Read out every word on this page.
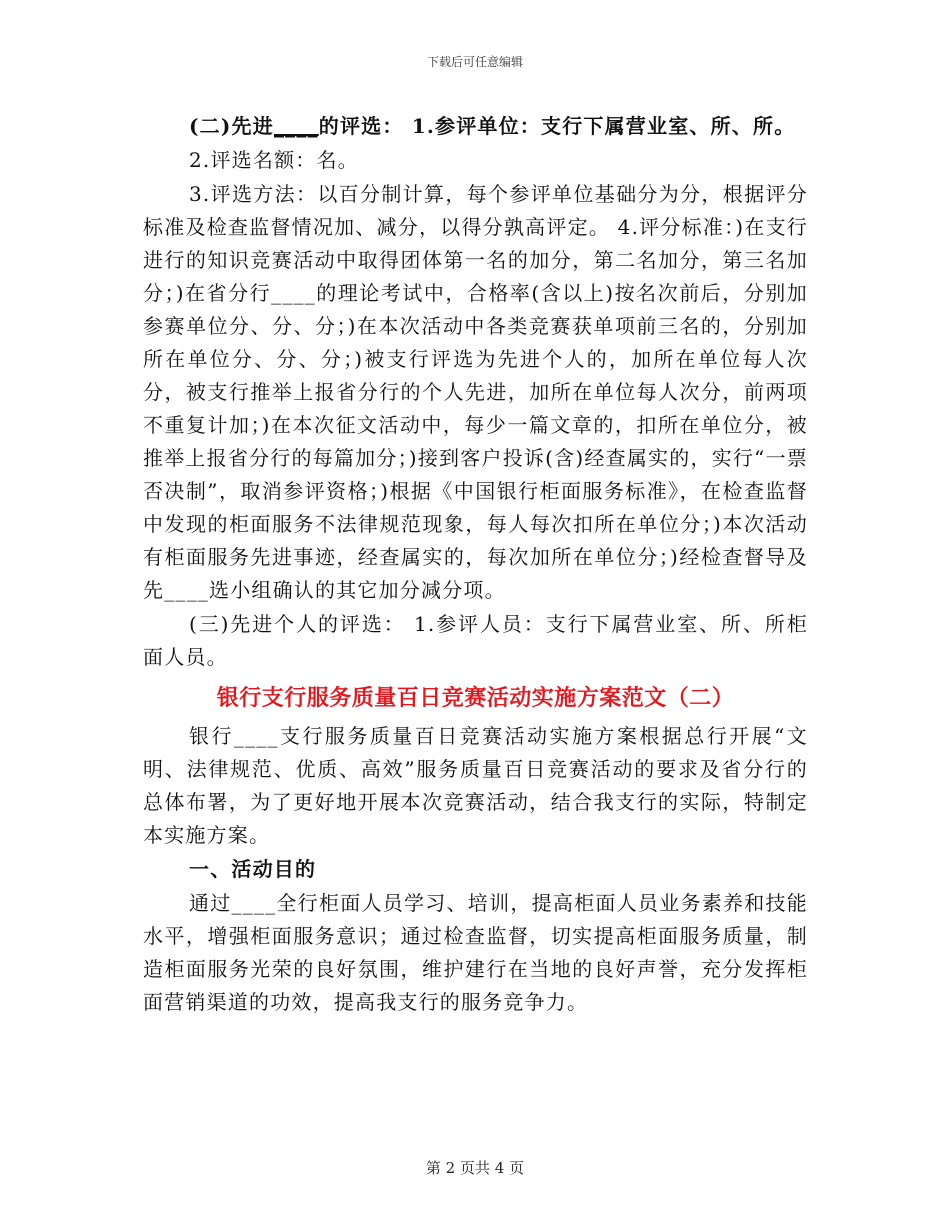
下载后可任意编辑

(二)先进____的评选： 1.参评单位：支行下属营业室、所、所。

2.评选名额：名。

3.评选方法：以百分制计算，每个参评单位基础分为分，根据评分标准及检查监督情况加、减分，以得分孰高评定。 4.评分标准：)在支行进行的知识竞赛活动中取得团体第一名的加分，第二名加分，第三名加分；)在省分行____的理论考试中，合格率(含以上)按名次前后，分别加参赛单位分、分、分；)在本次活动中各类竞赛获单项前三名的，分别加所在单位分、分、分；)被支行评选为先进个人的，加所在单位每人次分，被支行推举上报省分行的个人先进，加所在单位每人次分，前两项不重复计加；)在本次征文活动中，每少一篇文章的，扣所在单位分，被推举上报省分行的每篇加分；)接到客户投诉(含)经查属实的，实行“一票否决制”，取消参评资格；)根据《中国银行柜面服务标准》，在检查监督中发现的柜面服务不法律规范现象，每人每次扣所在单位分；)本次活动有柜面服务先进事迹，经查属实的，每次加所在单位分；)经检查督导及先____选小组确认的其它加分减分项。

(三)先进个人的评选： 1.参评人员：支行下属营业室、所、所柜面人员。

银行支行服务质量百日竞赛活动实施方案范文（二）

银行____支行服务质量百日竞赛活动实施方案根据总行开展“文明、法律规范、优质、高效”服务质量百日竞赛活动的要求及省分行的总体布署，为了更好地开展本次竞赛活动，结合我支行的实际，特制定本实施方案。

一、活动目的

通过____全行柜面人员学习、培训，提高柜面人员业务素养和技能水平，增强柜面服务意识；通过检查监督，切实提高柜面服务质量，制造柜面服务光荣的良好氛围，维护建行在当地的良好声誉，充分发挥柜面营销渠道的功效，提高我支行的服务竞争力。

第 2 页共 4 页
